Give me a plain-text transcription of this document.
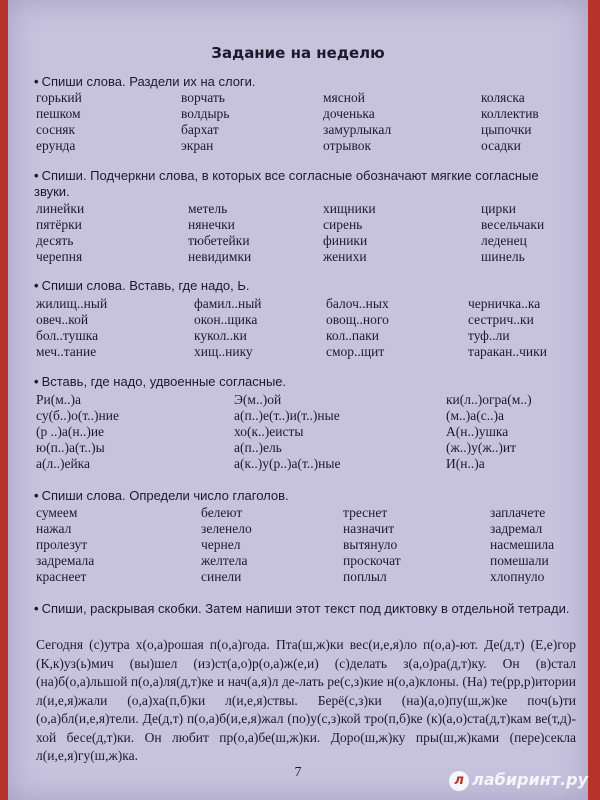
Задание на неделю
• Спиши слова. Раздели их на слоги.
горький	ворчать	мясной	коляска
пешком	волдырь	доченька	коллектив
сосняк	бархат	замурлыкал	цыпочки
ерунда	экран	отрывок	осадки
• Спиши. Подчеркни слова, в которых все согласные обозначают мягкие согласные звуки.
линейки	метель	хищники	цирки
пятёрки	нянечки	сирень	весельчаки
десять	тюбетейки	финики	леденец
черепня	невидимки	женихи	шинель
• Спиши слова. Вставь, где надо, Ь.
жилищ..ный	фамил..ный	балоч..ных	черничка..ка
овеч..кой	окон..щика	овощ..ного	сестрич..ки
бол..тушка	кукол..ки	кол..паки	туф..ли
меч..тание	хищ..нику	смор..щит	таракан..чики
• Вставь, где надо, удвоенные согласные.
Ри(м..)а	Э(м..)ой	ки(л..)огра(м..)
су(б..)о(т..)ние	а(п..)е(т..)и(т..)ные	(м..)а(с..)а
(р ..)а(н..)ие	хо(к..)еисты	А(н..)ушка
ю(п..)а(т..)ы	а(п..)ель	(ж..)у(ж..)ит
а(л..)ейка	а(к..)у(р..)а(т..)ные	И(н..)а
• Спиши слова. Определи число глаголов.
сумеем	белеют	треснет	заплачете
нажал	зеленело	назначит	задремал
пролезут	чернел	вытянуло	насмешила
задремала	желтела	проскочат	помешали
краснеет	синели	поплыл	хлопнуло
• Спиши, раскрывая скобки. Затем напиши этот текст под диктовку в отдельной тетради.
Сегодня (с)утра х(о,а)рошая п(о,а)года. Пта(ш,ж)ки вес(и,е,я)ло п(о,а)-ют. Де(д,т) (Е,е)гор (К,к)уз(ь)мич (вы)шел (из)ст(а,о)р(о,а)ж(е,и) (с)делать з(а,о)ра(д,т)ку. Он (в)стал (на)б(о,а)льшой п(о,а)ля(д,т)ке и нач(а,я)л де-лать ре(с,з)кие н(о,а)клоны. (На) те(рр,р)итории л(и,е,я)жали (о,а)ха(п,б)ки л(и,е,я)ствы. Берё(с,з)ки (на)(а,о)пу(ш,ж)ке поч(ь)ти (о,а)бл(и,е,я)тели. Де(д,т) п(о,а)б(и,е,я)жал (по)у(с,з)кой тро(п,б)ке (к)(а,о)ста(д,т)кам ве(т,д)-хой бесе(д,т)ки. Он любит пр(о,а)бе(ш,ж)ки. Доро(ш,ж)ку пры(ш,ж)ками (пере)секла л(и,е,я)гу(ш,ж)ка.
7	л лабиринт.ру
